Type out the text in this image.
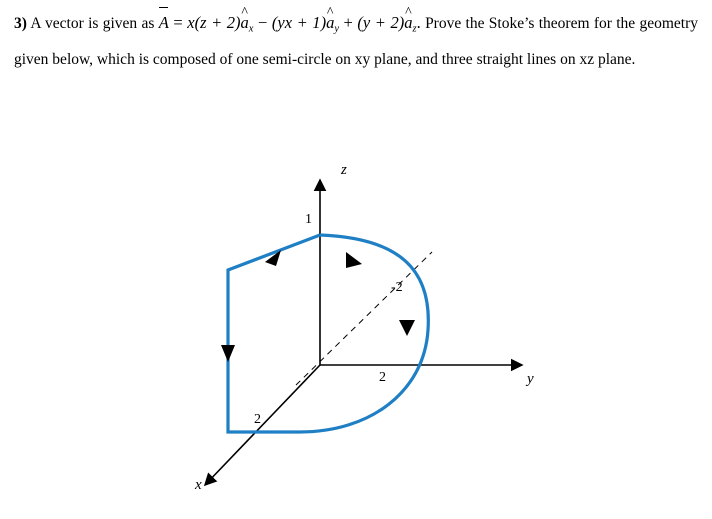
3) A vector is given as A = x(z + 2)^ $a_x - (yx$ + 1)^ $a_y + (y$ + 2)^ $a_z$. Prove the Stoke’s theorem for the geometry given below, which is composed of one semi-circle on xy plane, and three straight lines on xz plane.
z
y
x
1
-2
2
2
